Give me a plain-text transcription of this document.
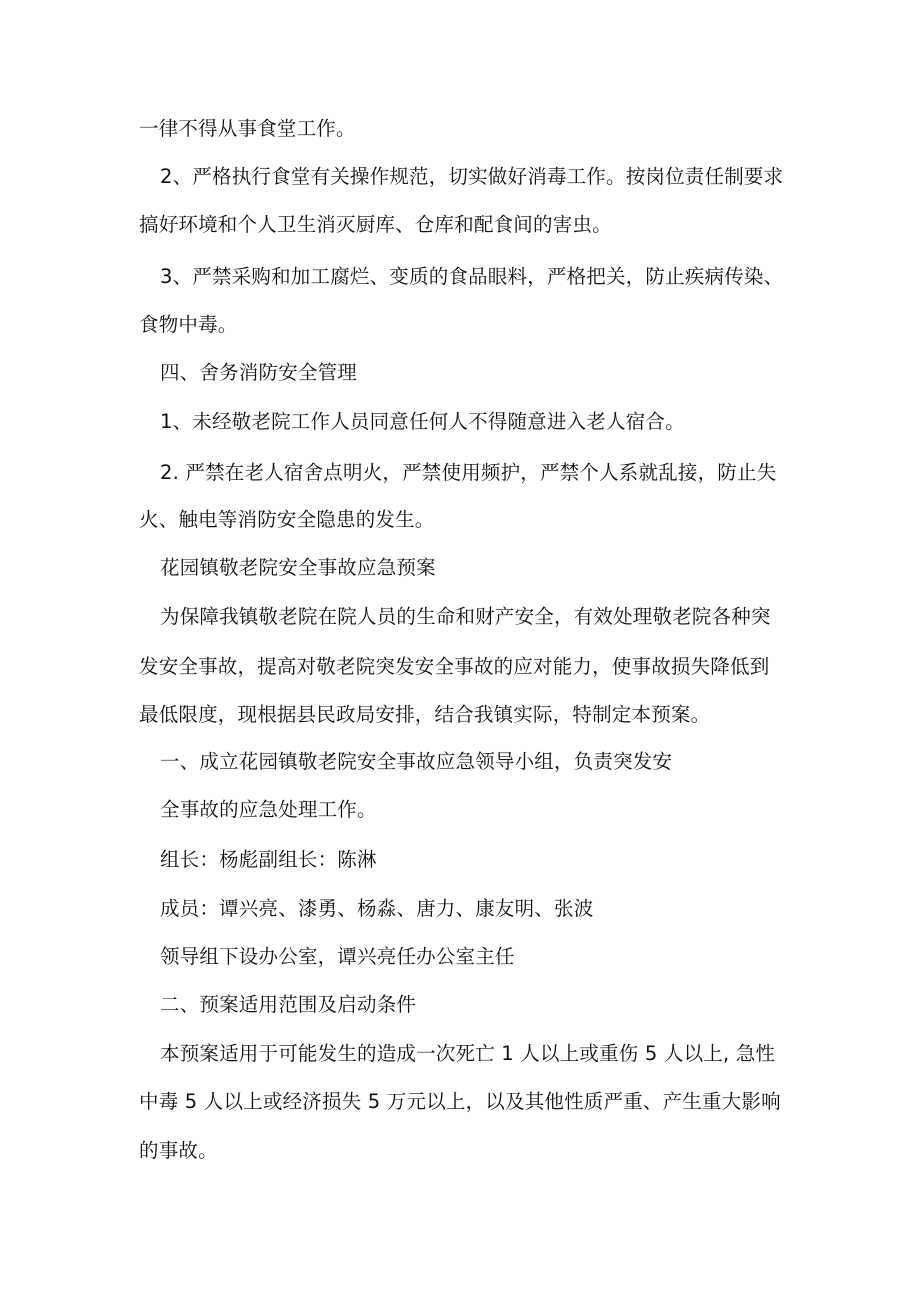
一律不得从事食堂工作。
2、严格执行食堂有关操作规范，切实做好消毒工作。按岗位责任制要求
搞好环境和个人卫生消灭厨库、仓库和配食间的害虫。
3、严禁采购和加工腐烂、变质的食品眼料，严格把关，防止疾病传染、
食物中毒。
四、舍务消防安全管理
1、未经敬老院工作人员同意任何人不得随意进入老人宿合。
2. 严禁在老人宿舍点明火，严禁使用频护，严禁个人系就乱接，防止失
火、触电等消防安全隐患的发生。
花园镇敬老院安全事故应急预案
为保障我镇敬老院在院人员的生命和财产安全，有效处理敬老院各种突
发安全事故，提高对敬老院突发安全事故的应对能力，使事故损失降低到
最低限度，现根据县民政局安排，结合我镇实际，特制定本预案。
一、成立花园镇敬老院安全事故应急领导小组，负责突发安
全事故的应急处理工作。
组长：杨彪副组长：陈淋
成员：谭兴亮、漆勇、杨淼、唐力、康友明、张波
领导组下设办公室，谭兴亮任办公室主任
二、预案适用范围及启动条件
本预案适用于可能发生的造成一次死亡 1 人以上或重伤 5 人以上, 急性
中毒 5 人以上或经济损失 5 万元以上，以及其他性质严重、产生重大影响
的事故。
